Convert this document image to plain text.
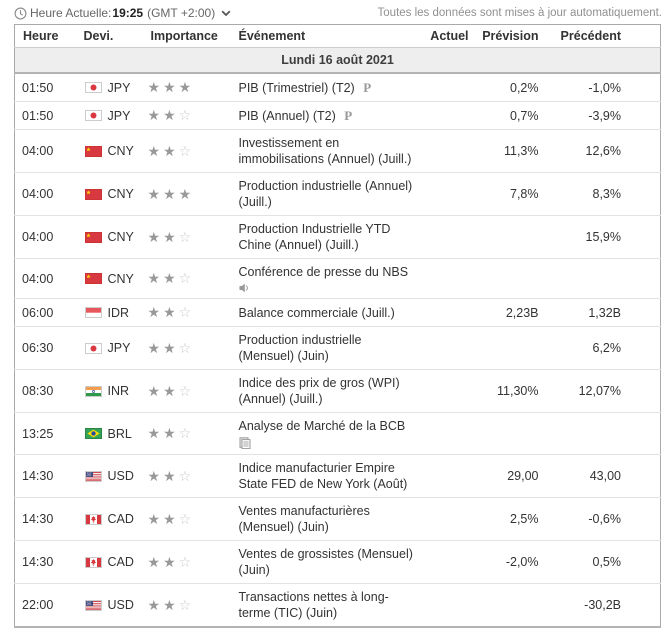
Heure Actuelle: 19:25 (GMT +2:00)	Toutes les données sont mises à jour automatiquement.
Heure	Devi.	Importance	Événement	Actuel	Prévision	Précédent
Lundi 16 août 2021						
01:50	JPY	★★★	PIB (Trimestriel) (T2) P		0,2%	-1,0%
01:50	JPY	★★☆	PIB (Annuel) (T2) P		0,7%	-3,9%
04:00	CNY	★★☆	Investissement en immobilisations (Annuel) (Juill.)		11,3%	12,6%
04:00	CNY	★★★	Production industrielle (Annuel) (Juill.)		7,8%	8,3%
04:00	CNY	★★☆	Production Industrielle YTD Chine (Annuel) (Juill.)			15,9%
04:00	CNY	★★☆	Conférence de presse du NBS

06:00	IDR	★★☆	Balance commerciale (Juill.)		2,23B	1,32B
06:30	JPY	★★☆	Production industrielle (Mensuel) (Juin)			6,2%
08:30	INR	★★☆	Indice des prix de gros (WPI) (Annuel) (Juill.)		11,30%	12,07%
13:25	BRL	★★☆	Analyse de Marché de la BCB

14:30	USD	★★☆	Indice manufacturier Empire State FED de New York (Août)		29,00	43,00
14:30	CAD	★★☆	Ventes manufacturières (Mensuel) (Juin)		2,5%	-0,6%
14:30	CAD	★★☆	Ventes de grossistes (Mensuel) (Juin)		-2,0%	0,5%
22:00	USD	★★☆	Transactions nettes à long-terme (TIC) (Juin)			-30,2B
